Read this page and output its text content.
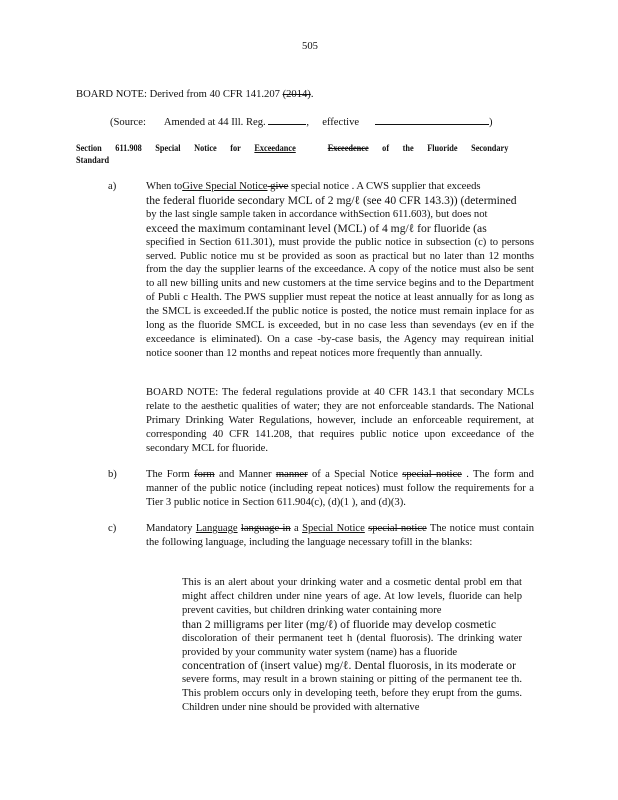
505
BOARD NOTE: Derived from 40 CFR 141.207 (2014).
(Source: Amended at 44 Ill. Reg.	, effective	)
Section 611.908 Special Notice for Exceedance	Exceedence of the Fluoride Secondary
Standard
a)	When toGive Special Notice give special notice . A CWS supplier that exceeds

the federal fluoride secondary MCL of 2 mg/ℓ (see 40 CFR 143.3)) (determined

by the last single sample taken in accordance withSection 611.603), but does not

exceed the maximum contaminant level (MCL) of 4 mg/ℓ for fluoride (as

specified in Section 611.301), must provide the public notice in subsection (c) to persons served. Public notice mu st be provided as soon as practical but no later than 12 months from the day the supplier learns of the exceedance. A copy of the notice must also be sent to all new billing units and new customers at the time service begins and to the Department of Publi c Health. The PWS supplier must repeat the notice at least annually for as long as the SMCL is exceeded.If the public notice is posted, the notice must remain inplace for as long as the fluoride SMCL is exceeded, but in no case less than sevendays (ev en if the exceedance is eliminated). On a case -by-case basis, the Agency may requirean initial notice sooner than 12 months and repeat notices more frequently than annually.

BOARD NOTE: The federal regulations provide at 40 CFR 143.1 that secondary MCLs relate to the aesthetic qualities of water; they are not enforceable standards. The National Primary Drinking Water Regulations, however, include an enforceable requirement, at corresponding 40 CFR 141.208, that requires public notice upon exceedance of the secondary MCL for fluoride.
b)	The Form form and Manner manner of a Special Notice special notice . The form and manner of the public notice (including repeat notices) must follow the requirements for a Tier 3 public notice in Section 611.904(c), (d)(1 ), and (d)(3).
c)	Mandatory Language language in a Special Notice special notice The notice must contain the following language, including the language necessary tofill in the blanks:

This is an alert about your drinking water and a cosmetic dental probl em that might affect children under nine years of age. At low levels, fluoride can help prevent cavities, but children drinking water containing more

than 2 milligrams per liter (mg/ℓ) of fluoride may develop cosmetic

discoloration of their permanent teet h (dental fluorosis). The drinking water provided by your community water system (name) has a fluoride

concentration of (insert value) mg/ℓ. Dental fluorosis, in its moderate or

severe forms, may result in a brown staining or pitting of the permanent tee th. This problem occurs only in developing teeth, before they erupt from the gums. Children under nine should be provided with alternative
